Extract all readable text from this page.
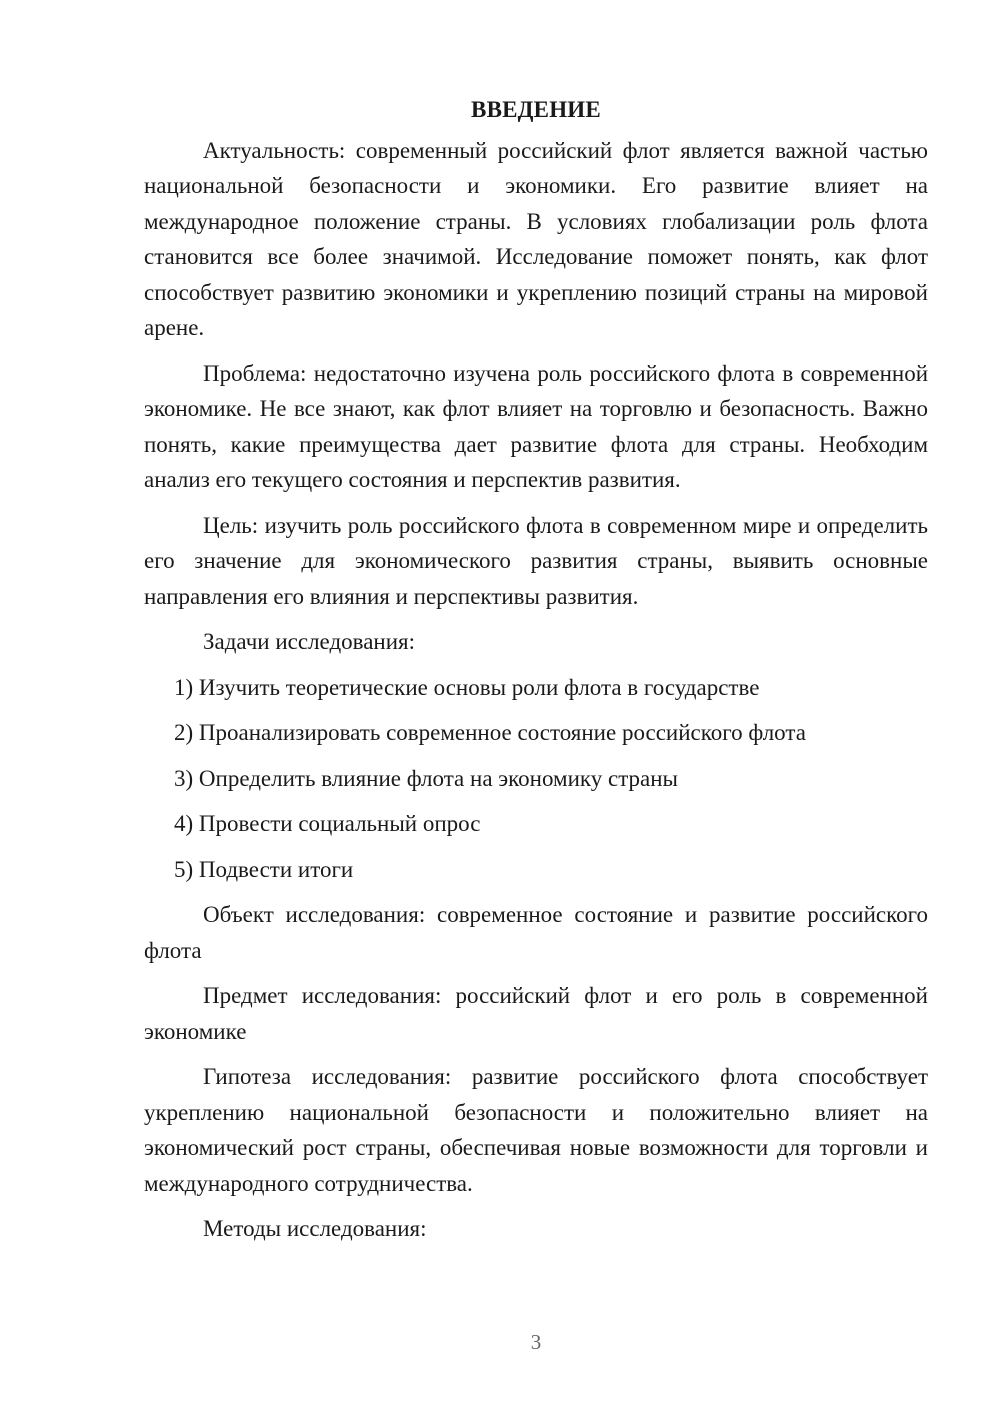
ВВЕДЕНИЕ

Актуальность: современный российский флот является важной частью национальной безопасности и экономики. Его развитие влияет на международное положение страны. В условиях глобализации роль флота становится все более значимой. Исследование поможет понять, как флот способствует развитию экономики и укреплению позиций страны на мировой арене.

Проблема: недостаточно изучена роль российского флота в современной экономике. Не все знают, как флот влияет на торговлю и безопасность. Важно понять, какие преимущества дает развитие флота для страны. Необходим анализ его текущего состояния и перспектив развития.

Цель: изучить роль российского флота в современном мире и определить его значение для экономического развития страны, выявить основные направления его влияния и перспективы развития.

Задачи исследования:

1) Изучить теоретические основы роли флота в государстве
2) Проанализировать современное состояние российского флота
3) Определить влияние флота на экономику страны
4) Провести социальный опрос
5) Подвести итоги

Объект исследования: современное состояние и развитие российского флота

Предмет исследования: российский флот и его роль в современной экономике

Гипотеза исследования: развитие российского флота способствует укреплению национальной безопасности и положительно влияет на экономический рост страны, обеспечивая новые возможности для торговли и международного сотрудничества.

Методы исследования:

3
